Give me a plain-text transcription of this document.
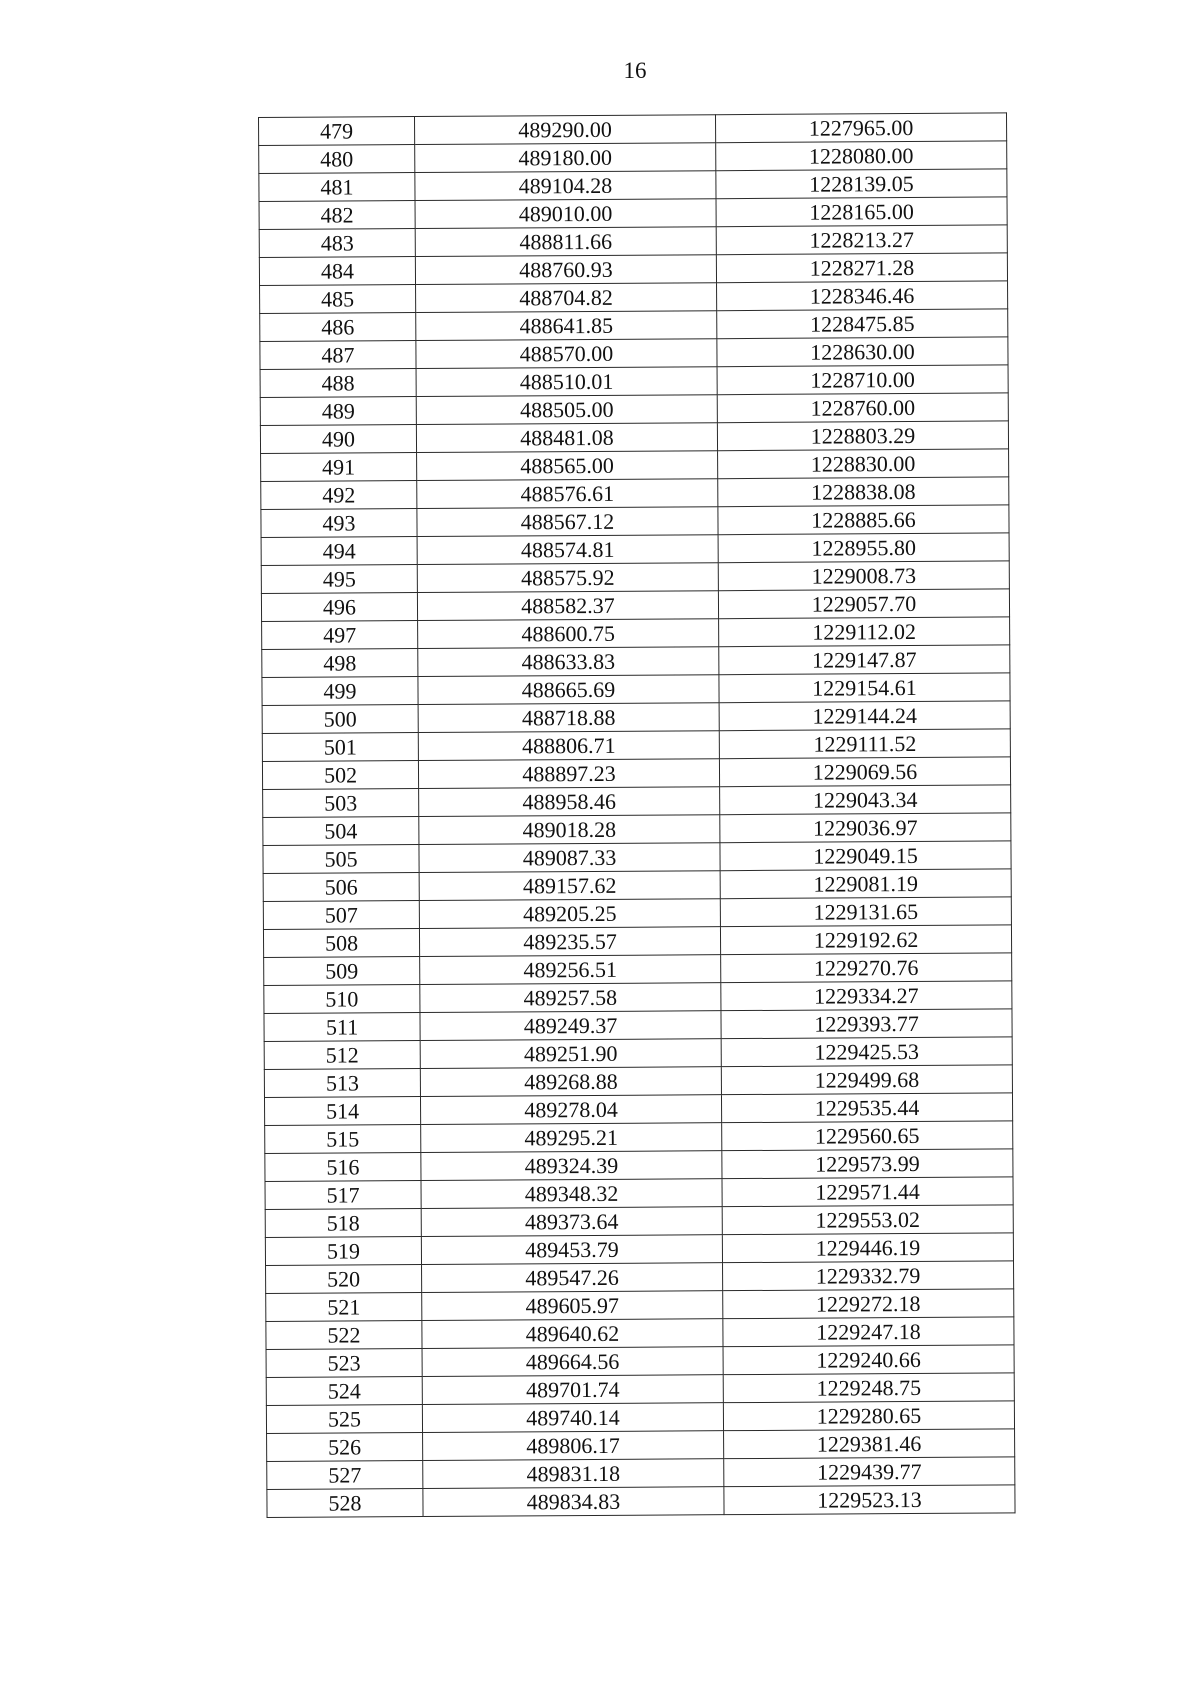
16
479	489290.00	1227965.00
480	489180.00	1228080.00
481	489104.28	1228139.05
482	489010.00	1228165.00
483	488811.66	1228213.27
484	488760.93	1228271.28
485	488704.82	1228346.46
486	488641.85	1228475.85
487	488570.00	1228630.00
488	488510.01	1228710.00
489	488505.00	1228760.00
490	488481.08	1228803.29
491	488565.00	1228830.00
492	488576.61	1228838.08
493	488567.12	1228885.66
494	488574.81	1228955.80
495	488575.92	1229008.73
496	488582.37	1229057.70
497	488600.75	1229112.02
498	488633.83	1229147.87
499	488665.69	1229154.61
500	488718.88	1229144.24
501	488806.71	1229111.52
502	488897.23	1229069.56
503	488958.46	1229043.34
504	489018.28	1229036.97
505	489087.33	1229049.15
506	489157.62	1229081.19
507	489205.25	1229131.65
508	489235.57	1229192.62
509	489256.51	1229270.76
510	489257.58	1229334.27
511	489249.37	1229393.77
512	489251.90	1229425.53
513	489268.88	1229499.68
514	489278.04	1229535.44
515	489295.21	1229560.65
516	489324.39	1229573.99
517	489348.32	1229571.44
518	489373.64	1229553.02
519	489453.79	1229446.19
520	489547.26	1229332.79
521	489605.97	1229272.18
522	489640.62	1229247.18
523	489664.56	1229240.66
524	489701.74	1229248.75
525	489740.14	1229280.65
526	489806.17	1229381.46
527	489831.18	1229439.77
528	489834.83	1229523.13
